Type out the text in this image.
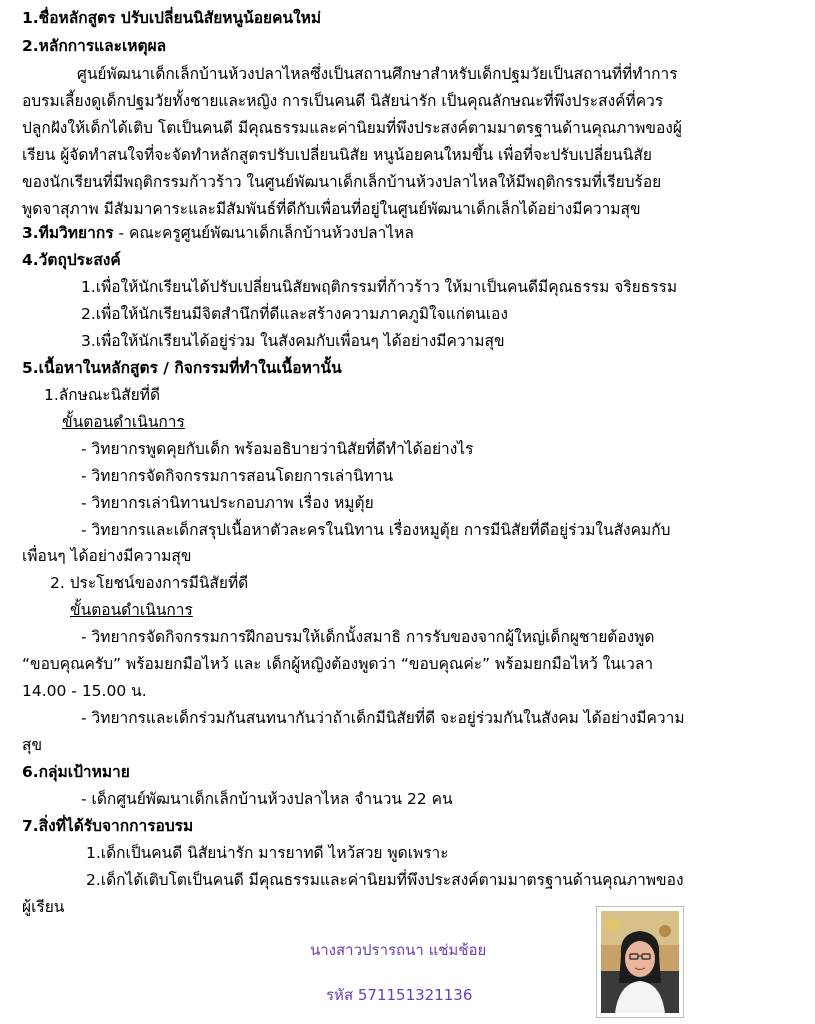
1.ชื่อหลักสูตร ปรับเปลี่ยนนิสัยหนูน้อยคนใหม่
2.หลักการและเหตุผล
ศูนย์พัฒนาเด็กเล็กบ้านห้วงปลาไหลซึ่งเป็นสถานศึกษาสำหรับเด็กปฐมวัยเป็นสถานที่ที่ทำการ
อบรมเลี้ยงดูเด็กปฐมวัยทั้งชายและหญิง การเป็นคนดี นิสัยน่ารัก เป็นคุณลักษณะที่พึงประสงค์ที่ควร
ปลูกฝังให้เด็กได้เติบ โตเป็นคนดี มีคุณธรรมและค่านิยมที่พึงประสงค์ตามมาตรฐานด้านคุณภาพของผู้
เรียน ผู้จัดทำสนใจที่จะจัดทำหลักสูตรปรับเปลี่ยนนิสัย หนูน้อยคนใหมขึ้น เพื่อที่จะปรับเปลี่ยนนิสัย
ของนักเรียนที่มีพฤติกรรมก้าวร้าว ในศูนย์พัฒนาเด็กเล็กบ้านห้วงปลาไหลให้มีพฤติกรรมที่เรียบร้อย
พูดจาสุภาพ มีสัมมาคาระและมีสัมพันธ์ที่ดีกับเพื่อนที่อยู่ในศูนย์พัฒนาเด็กเล็กได้อย่างมีความสุข
3.ทีมวิทยากร - คณะครูศูนย์พัฒนาเด็กเล็กบ้านห้วงปลาไหล
4.วัตถุประสงค์
1.เพื่อให้นักเรียนได้ปรับเปลี่ยนนิสัยพฤติกรรมที่ก้าวร้าว ให้มาเป็นคนดีมีคุณธรรม จริยธรรม
2.เพื่อให้นักเรียนมีจิตสำนึกที่ดีและสร้างความภาคภูมิใจแก่ตนเอง
3.เพื่อให้นักเรียนได้อยู่ร่วม ในสังคมกับเพื่อนๆ ได้อย่างมีความสุข
5.เนื้อหาในหลักสูตร / กิจกรรมที่ทำในเนื้อหานั้น
1.ลักษณะนิสัยที่ดี
ขั้นตอนดำเนินการ
- วิทยากรพูดคุยกับเด็ก พร้อมอธิบายว่านิสัยที่ดีทำได้อย่างไร
- วิทยากรจัดกิจกรรมการสอนโดยการเล่านิทาน
- วิทยากรเล่านิทานประกอบภาพ เรื่อง หมูตุ้ย
- วิทยากรและเด็กสรุปเนื้อหาตัวละครในนิทาน เรื่องหมูตุ้ย การมีนิสัยที่ดีอยู่ร่วมในสังคมกับ
เพื่อนๆ ได้อย่างมีความสุข
2. ประโยชน์ของการมีนิสัยที่ดี
ขั้นตอนดำเนินการ
- วิทยากรจัดกิจกรรมการฝึกอบรมให้เด็กนั้งสมาธิ การรับของจากผู้ใหญ่เด็กผูชายต้องพูด
“ขอบคุณครับ” พร้อมยกมือไหว้ และ เด็กผู้หญิงต้องพูดว่า “ขอบคุณค่ะ” พร้อมยกมือไหว้ ในเวลา
14.00 - 15.00 น.
- วิทยากรและเด็กร่วมกันสนทนากันว่าถ้าเด็กมีนิสัยที่ดี จะอยู่ร่วมกันในสังคม ได้อย่างมีความ
สุข
6.กลุ่มเป้าหมาย
- เด็กศูนย์พัฒนาเด็กเล็กบ้านห้วงปลาไหล จำนวน 22 คน
7.สิ่งที่ได้รับจากการอบรม
1.เด็กเป็นคนดี นิสัยน่ารัก มารยาทดี ไหว้สวย พูดเพราะ
2.เด็กได้เติบโตเป็นคนดี มีคุณธรรมและค่านิยมที่พึงประสงค์ตามมาตรฐานด้านคุณภาพของ
ผู้เรียน
นางสาวปรารถนา แช่มช้อย
รหัส 571151321136
